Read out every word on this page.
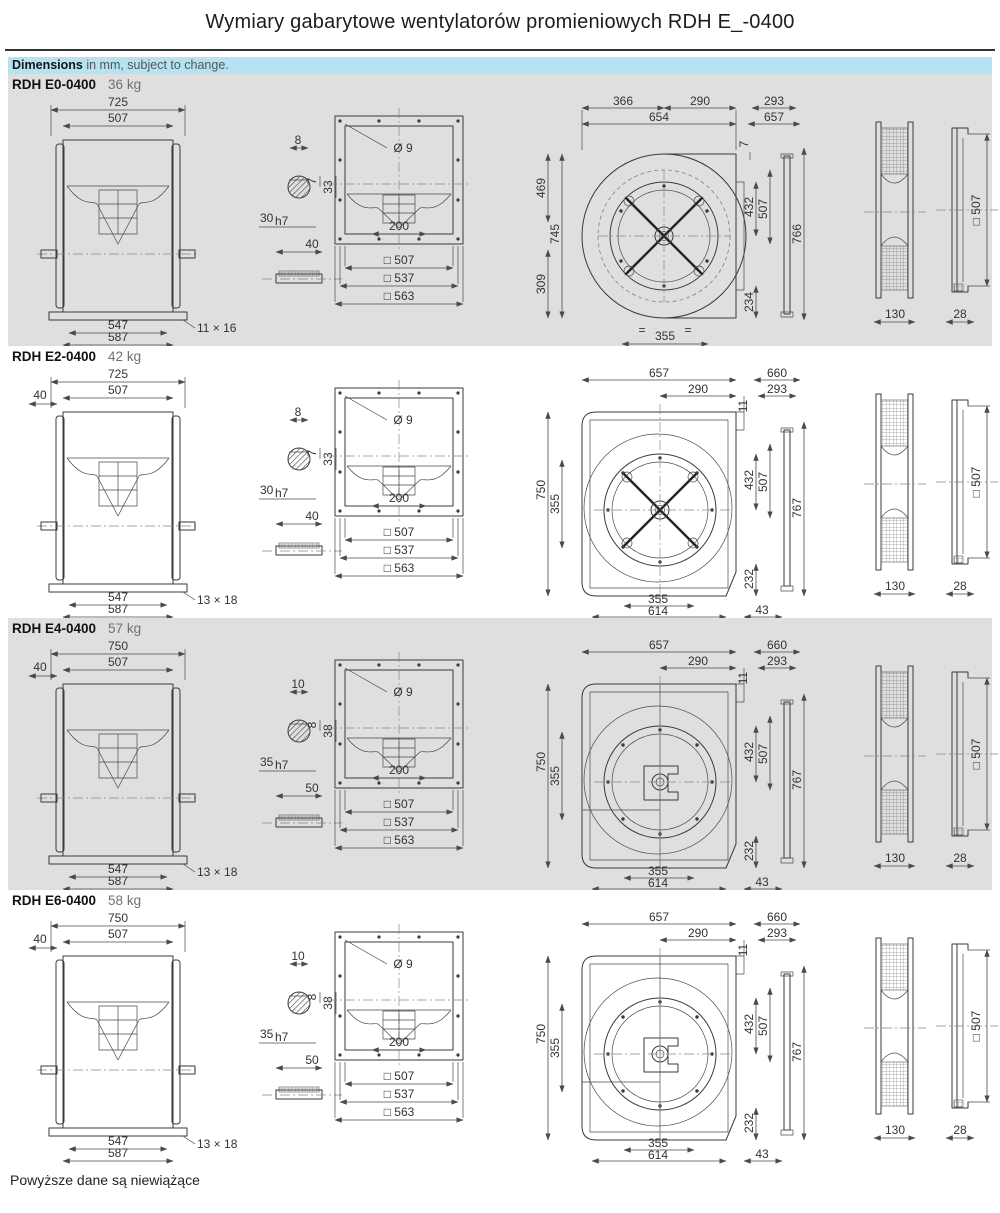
Wymiary gabarytowe wentylatorów promieniowych RDH E_-0400
Dimensions in mm, subject to change.
RDH E0-0400 36 kg
725
507
11 × 16
547
587
8
7 33
30 h7
40
Ø 9
200
□ 507
□ 537
□ 563
469
745
309
366	290
654
293
657
7
432 507
234
766
=	=
355
130
□ 507
28
RDH E2-0400 42 kg
725
507
40
13 × 18
547
587
8
7 33
30 h7
40
Ø 9
200
□ 507
□ 537
□ 563
750
355
657
290
11
660
293
432 507
232
767
355
614	43
130
□ 507
28
RDH E4-0400 57 kg
750
507
40
13 × 18
547
587
10
8 38
35 h7
50
Ø 9
200
□ 507
□ 537
□ 563
750
355
657
290
11
660
293
432 507
232
767
355
614	43
130
□ 507
28
RDH E6-0400 58 kg
750
507
40
13 × 18
547
587
10
8 38
35 h7
50
Ø 9
200
□ 507
□ 537
□ 563
750
355
657
290
11
660
293
432 507
232
767
355
614	43
130
□ 507
28
Powyższe dane są niewiążące
